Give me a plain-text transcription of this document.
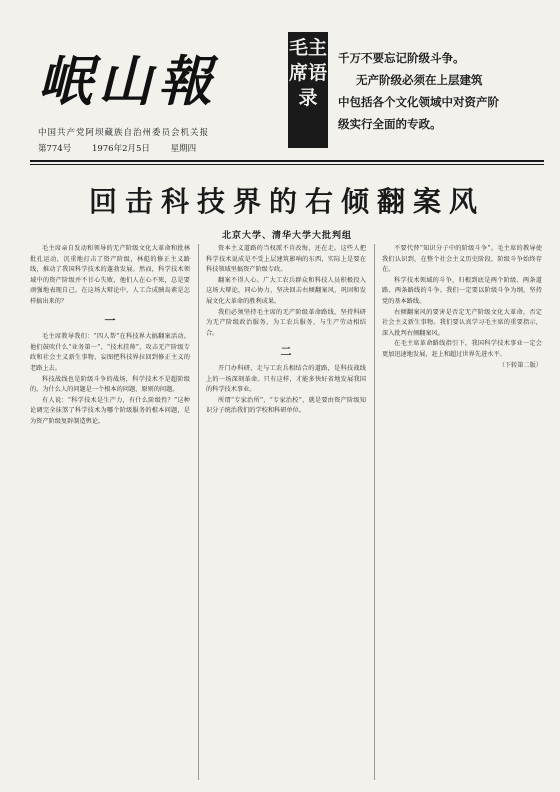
岷山報
中国共产党阿坝藏族自治州委员会机关报
第774号 1976年2月5日 星期四
毛主席语录
千万不要忘记阶级斗争。
无产阶级必须在上层建筑
中包括各个文化领域中对资产阶
级实行全面的专政。
回击科技界的右倾翻案风
北京大学、清华大学大批判组

毛主席亲自发动和领导的无产阶级文化大革命和批林批孔运动，沉重地打击了资产阶级，林彪的修正主义路线，推动了我国科学技术的蓬勃发展。然而，科学技术领域中的资产阶级并不甘心失败，他们人在心不死，总是要顽强地表现自己。在这场大辩论中，人工合成胰岛素是怎样搞出来的？

一

毛主席教导我们：“四人帮”在科技界大搞翻案活动。他们鼓吹什么“业务第一”、“技术挂帅”，攻击无产阶级专政和社会主义新生事物，妄图把科技界拉回到修正主义的老路上去。

科技战线也是阶级斗争的战场，科学技术不是超阶级的，为什么人的问题是一个根本的问题、原则的问题。

有人说：“科学技术是生产力，有什么阶级性？”这种论调完全抹煞了科学技术为哪个阶级服务的根本问题，是为资产阶级复辟制造舆论。

资本主义道路的当权派不肯改悔，还在走。这些人把科学技术说成是不受上层建筑影响的东西，实际上是要在科技领域里搞资产阶级专政。

翻案不得人心。广大工农兵群众和科技人员积极投入这场大辩论，同心协力，坚决回击右倾翻案风，巩固和发展文化大革命的胜利成果。

我们必须坚持毛主席的无产阶级革命路线，坚持科研为无产阶级政治服务，为工农兵服务，与生产劳动相结合。

二

开门办科研，走与工农兵相结合的道路，是科技战线上的一场深刻革命。只有这样，才能多快好省地发展我国的科学技术事业。

所谓“专家治所”、“专家治校”，就是要由资产阶级知识分子统治我们的学校和科研单位。

不要代替“知识分子中的阶级斗争”。毛主席的教导使我们认识到，在整个社会主义历史阶段，阶级斗争始终存在。

科学技术领域的斗争，归根到底是两个阶级、两条道路、两条路线的斗争。我们一定要以阶级斗争为纲，坚持党的基本路线。

右倾翻案风的要害是否定无产阶级文化大革命，否定社会主义新生事物。我们要认真学习毛主席的重要指示，深入批判右倾翻案风。

在毛主席革命路线指引下，我国科学技术事业一定会更加迅速地发展，赶上和超过世界先进水平。

（下转第二版）
